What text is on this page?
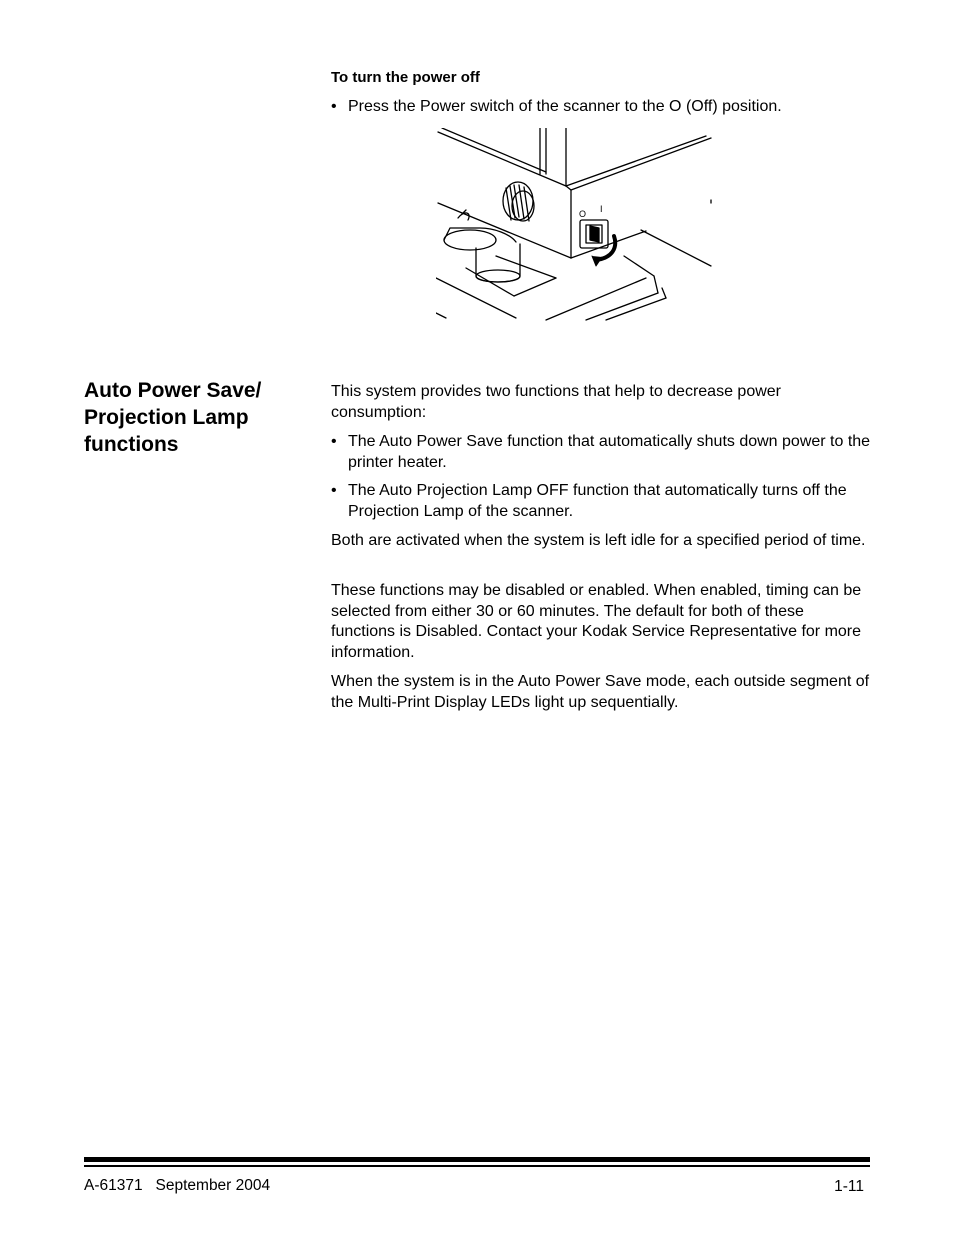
To turn the power off
• Press the Power switch of the scanner to the O (Off) position.
O I
Auto Power Save/
Projection Lamp
functions

This system provides two functions that help to decrease power consumption:

• The Auto Power Save function that automatically shuts down power to the printer heater.
• The Auto Projection Lamp OFF function that automatically turns off the Projection Lamp of the scanner.

Both are activated when the system is left idle for a specified period of time.

These functions may be disabled or enabled. When enabled, timing can be selected from either 30 or 60 minutes. The default for both of these functions is Disabled. Contact your Kodak Service Representative for more information.

When the system is in the Auto Power Save mode, each outside segment of the Multi-Print Display LEDs light up sequentially.

A-61371   September 2004	1-11
